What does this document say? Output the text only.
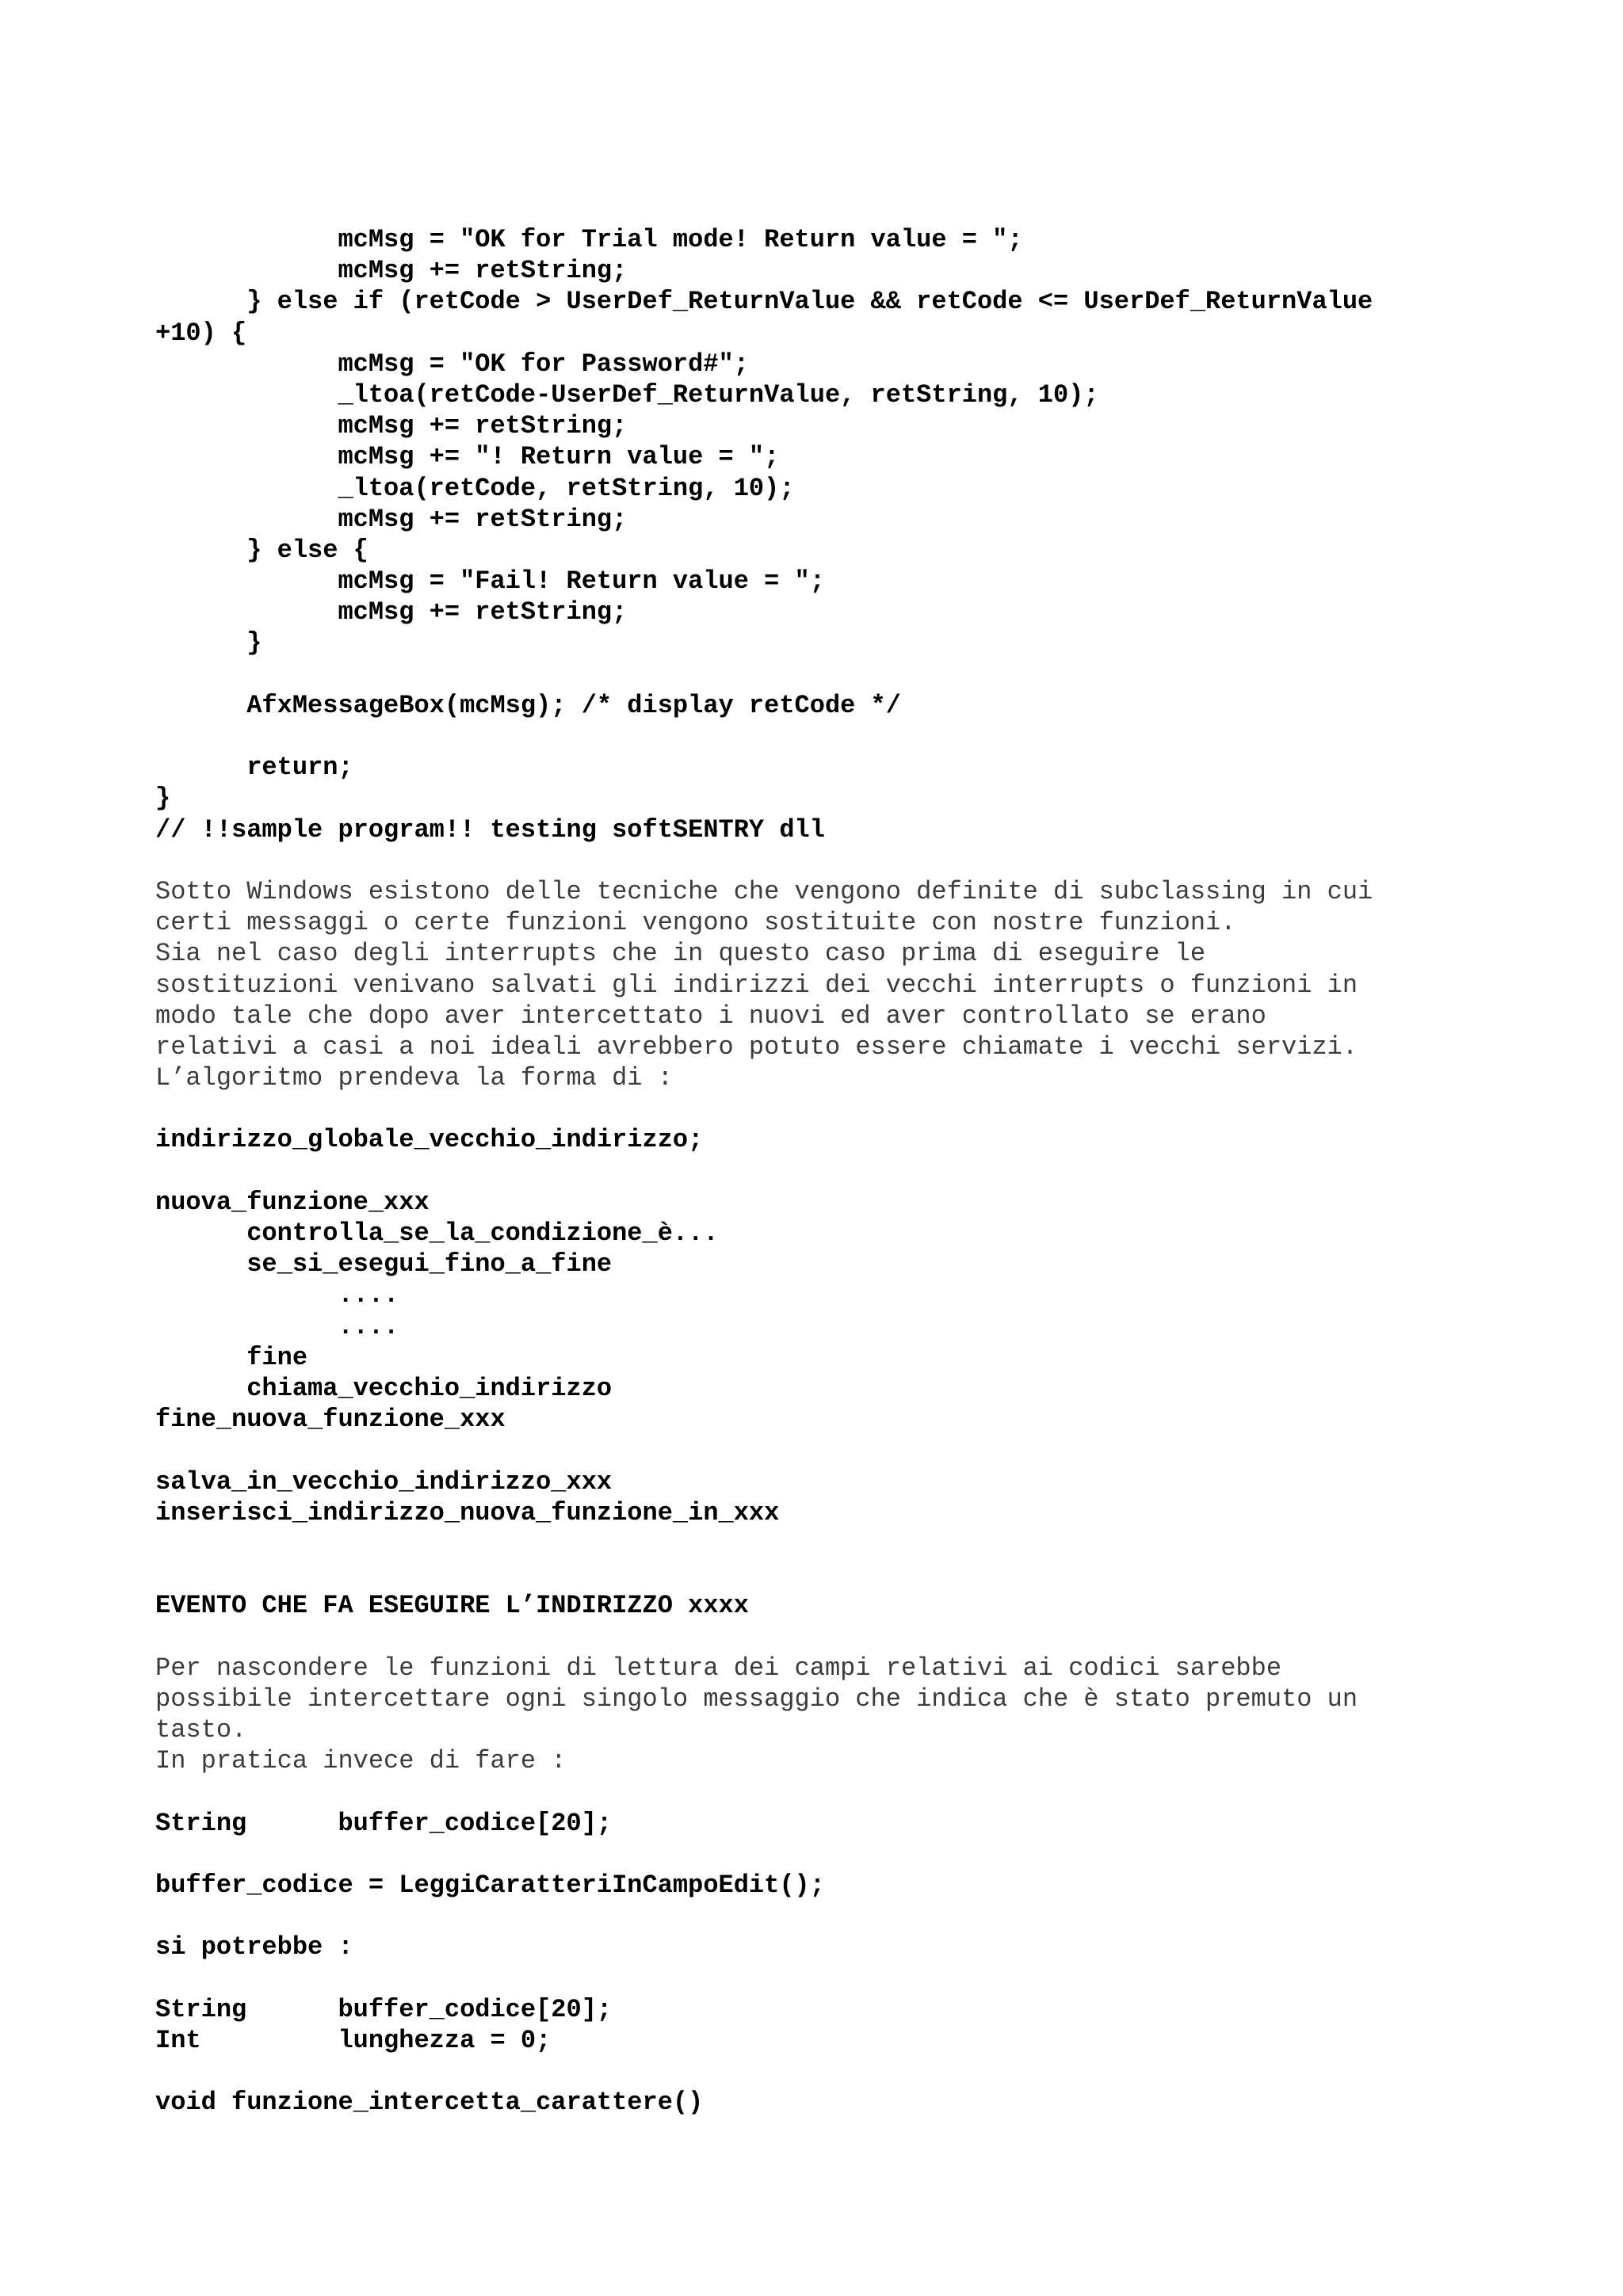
mcMsg = "OK for Trial mode! Return value = ";
mcMsg += retString;
} else if (retCode > UserDef_ReturnValue && retCode <= UserDef_ReturnValue
+10) {
mcMsg = "OK for Password#";
_ltoa(retCode-UserDef_ReturnValue, retString, 10);
mcMsg += retString;
mcMsg += "! Return value = ";
_ltoa(retCode, retString, 10);
mcMsg += retString;
} else {
mcMsg = "Fail! Return value = ";
mcMsg += retString;
}
AfxMessageBox(mcMsg); /* display retCode */
return;
}
// !!sample program!! testing softSENTRY dll
Sotto Windows esistono delle tecniche che vengono definite di subclassing in cui
certi messaggi o certe funzioni vengono sostituite con nostre funzioni.
Sia nel caso degli interrupts che in questo caso prima di eseguire le
sostituzioni venivano salvati gli indirizzi dei vecchi interrupts o funzioni in
modo tale che dopo aver intercettato i nuovi ed aver controllato se erano
relativi a casi a noi ideali avrebbero potuto essere chiamate i vecchi servizi.
L’algoritmo prendeva la forma di :
indirizzo_globale_vecchio_indirizzo;
nuova_funzione_xxx
controlla_se_la_condizione_è...
se_si_esegui_fino_a_fine
....
....
fine
chiama_vecchio_indirizzo
fine_nuova_funzione_xxx
salva_in_vecchio_indirizzo_xxx
inserisci_indirizzo_nuova_funzione_in_xxx
EVENTO CHE FA ESEGUIRE L’INDIRIZZO xxxx
Per nascondere le funzioni di lettura dei campi relativi ai codici sarebbe
possibile intercettare ogni singolo messaggio che indica che è stato premuto un
tasto.
In pratica invece di fare :
String      buffer_codice[20];
buffer_codice = LeggiCaratteriInCampoEdit();
si potrebbe :
String      buffer_codice[20];
Int         lunghezza = 0;
void funzione_intercetta_carattere()
